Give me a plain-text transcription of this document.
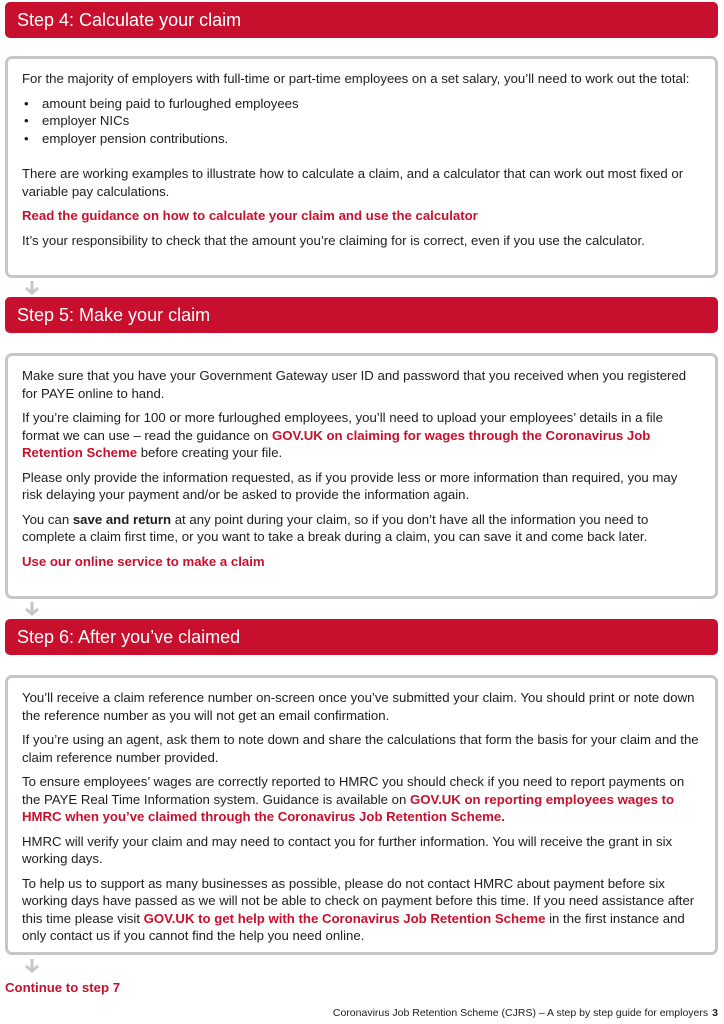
Step 4: Calculate your claim

For the majority of employers with full-time or part-time employees on a set salary, you’ll need to work out the total:

• amount being paid to furloughed employees
• employer NICs
• employer pension contributions.

There are working examples to illustrate how to calculate a claim, and a calculator that can work out most fixed or variable pay calculations.

Read the guidance on how to calculate your claim and use the calculator

It’s your responsibility to check that the amount you’re claiming for is correct, even if you use the calculator.

Step 5: Make your claim

Make sure that you have your Government Gateway user ID and password that you received when you registered for PAYE online to hand.

If you’re claiming for 100 or more furloughed employees, you’ll need to upload your employees’ details in a file format we can use – read the guidance on GOV.UK on claiming for wages through the Coronavirus Job Retention Scheme before creating your file.

Please only provide the information requested, as if you provide less or more information than required, you may risk delaying your payment and/or be asked to provide the information again.

You can save and return at any point during your claim, so if you don’t have all the information you need to complete a claim first time, or you want to take a break during a claim, you can save it and come back later.

Use our online service to make a claim

Step 6: After you’ve claimed

You’ll receive a claim reference number on-screen once you’ve submitted your claim. You should print or note down the reference number as you will not get an email confirmation.

If you’re using an agent, ask them to note down and share the calculations that form the basis for your claim and the claim reference number provided.

To ensure employees’ wages are correctly reported to HMRC you should check if you need to report payments on the PAYE Real Time Information system. Guidance is available on GOV.UK on reporting employees wages to HMRC when you’ve claimed through the Coronavirus Job Retention Scheme.

HMRC will verify your claim and may need to contact you for further information. You will receive the grant in six working days.

To help us to support as many businesses as possible, please do not contact HMRC about payment before six working days have passed as we will not be able to check on payment before this time. If you need assistance after this time please visit GOV.UK to get help with the Coronavirus Job Retention Scheme in the first instance and only contact us if you cannot find the help you need online.

Continue to step 7
Coronavirus Job Retention Scheme (CJRS) – A step by step guide for employers 3
